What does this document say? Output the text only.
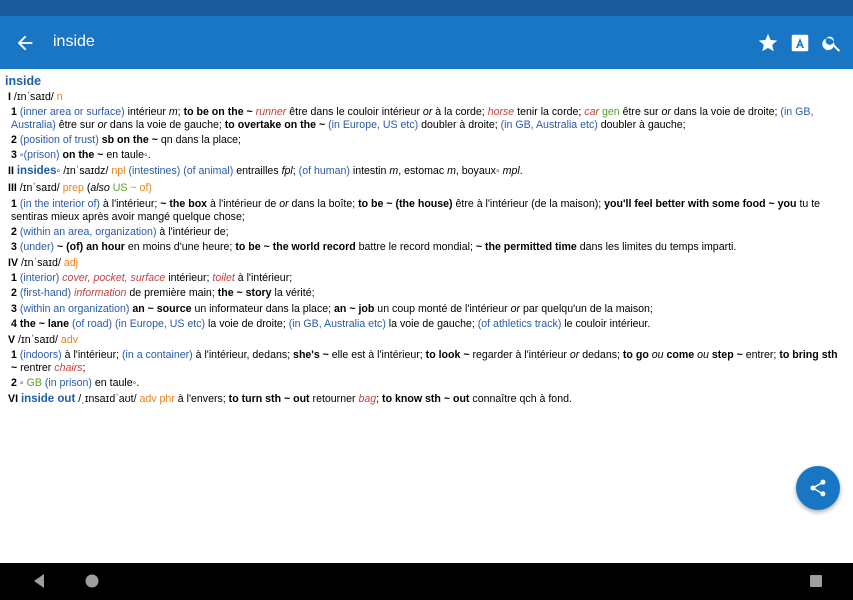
inside
inside
I /ɪnˈsaɪd/ n
1 (inner area or surface) intérieur m; to be on the ~ runner être dans le couloir intérieur or à la corde; horse tenir la corde; car gen être sur or dans la voie de droite; (in GB, Australia) être sur or dans la voie de gauche; to overtake on the ~ (in Europe, US etc) doubler à droite; (in GB, Australia etc) doubler à gauche;
2 (position of trust) sb on the ~ qn dans la place;
3 ◦(prison) on the ~ en taule◦.
II insides◦ /ɪnˈsaɪdz/ npl (intestines) (of animal) entrailles fpl; (of human) intestin m, estomac m, boyaux◦ mpl.
III /ɪnˈsaɪd/ prep (also US ~ of)
1 (in the interior of) à l'intérieur; ~ the box à l'intérieur de or dans la boîte; to be ~ (the house) être à l'intérieur (de la maison); you'll feel better with some food ~ you tu te sentiras mieux après avoir mangé quelque chose;
2 (within an area, organization) à l'intérieur de;
3 (under) ~ (of) an hour en moins d'une heure; to be ~ the world record battre le record mondial; ~ the permitted time dans les limites du temps imparti.
IV /ɪnˈsaɪd/ adj
1 (interior) cover, pocket, surface intérieur; toilet à l'intérieur;
2 (first-hand) information de première main; the ~ story la vérité;
3 (within an organization) an ~ source un informateur dans la place; an ~ job un coup monté de l'intérieur or par quelqu'un de la maison;
4 the ~ lane (of road) (in Europe, US etc) la voie de droite; (in GB, Australia etc) la voie de gauche; (of athletics track) le couloir intérieur.
V /ɪnˈsaɪd/ adv
1 (indoors) à l'intérieur; (in a container) à l'intérieur, dedans; she's ~ elle est à l'intérieur; to look ~ regarder à l'intérieur or dedans; to go ou come ou step ~ entrer; to bring sth ~ rentrer chairs;
2 ◦ GB (in prison) en taule◦.
VI inside out /ˌɪnsaɪdˈaʊt/ adv phr à l'envers; to turn sth ~ out retourner bag; to know sth ~ out connaître qch à fond.
